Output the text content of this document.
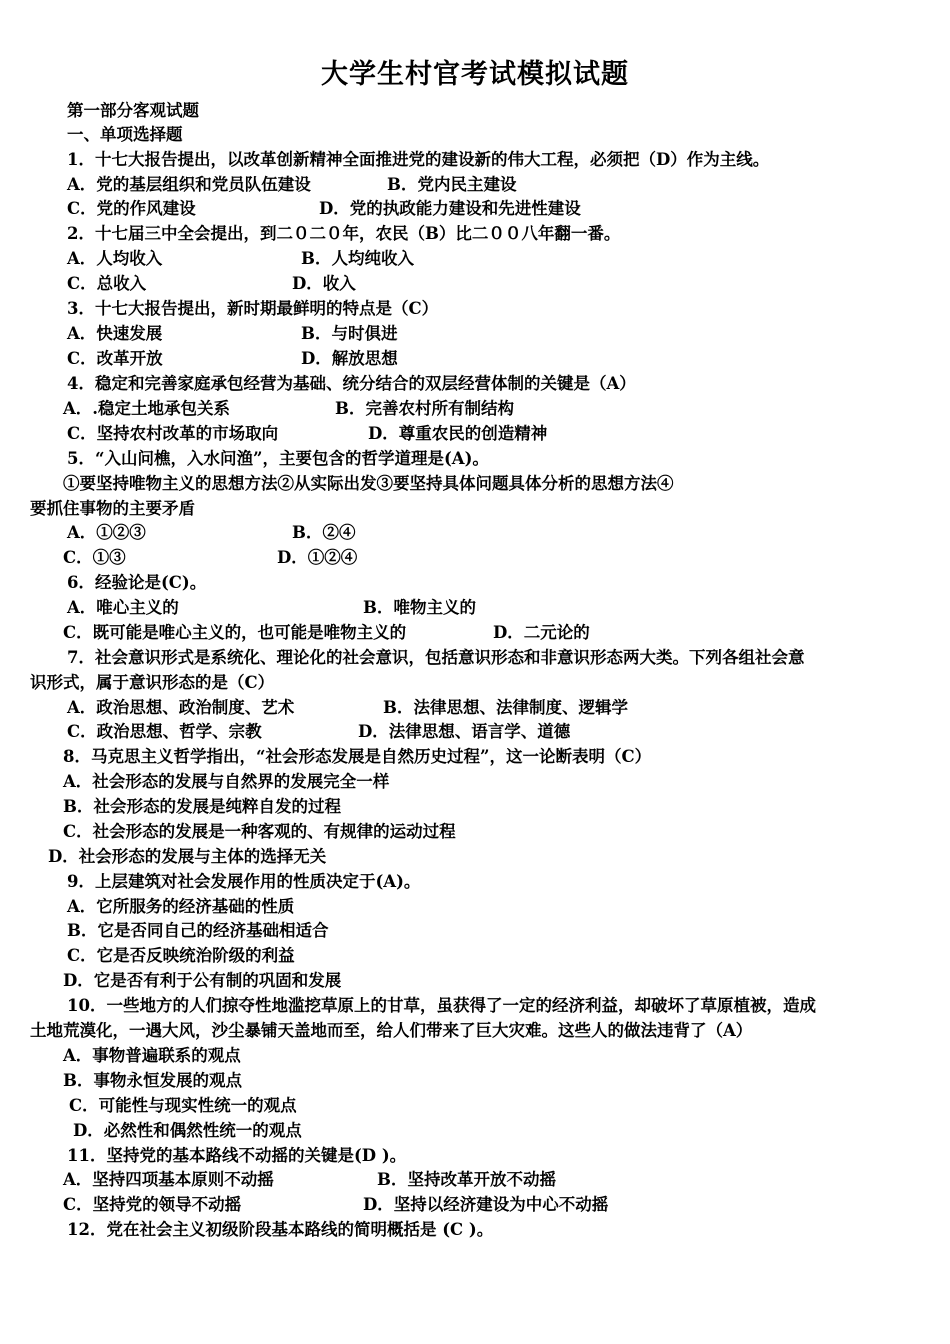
大学生村官考试模拟试题
第一部分客观试题
一、单项选择题
1．十七大报告提出，以改革创新精神全面推进党的建设新的伟大工程，必须把（D）作为主线。
A．党的基层组织和党员队伍建设	B．党内民主建设
C．党的作风建设	D．党的执政能力建设和先进性建设
2．十七届三中全会提出，到二０二０年，农民（B）比二００八年翻一番。
A．人均收入	B．人均纯收入
C．总收入	D．收入
3．十七大报告提出，新时期最鲜明的特点是（C）
A．快速发展	B．与时俱进
C．改革开放	D．解放思想
4．稳定和完善家庭承包经营为基础、统分结合的双层经营体制的关键是（A）
A．.稳定土地承包关系	B．完善农村所有制结构
C．坚持农村改革的市场取向	D．尊重农民的创造精神
5．“入山问樵，入水问渔”，主要包含的哲学道理是(A)。
①要坚持唯物主义的思想方法②从实际出发③要坚持具体问题具体分析的思想方法④
要抓住事物的主要矛盾
A．①②③	B．②④
C．①③	D．①②④
6．经验论是(C)。
A．唯心主义的	B．唯物主义的
C．既可能是唯心主义的，也可能是唯物主义的	D．二元论的
7．社会意识形式是系统化、理论化的社会意识，包括意识形态和非意识形态两大类。下列各组社会意
识形式，属于意识形态的是（C）
A．政治思想、政治制度、艺术	B．法律思想、法律制度、逻辑学
C．政治思想、哲学、宗教	D．法律思想、语言学、道德
8．马克思主义哲学指出，“社会形态发展是自然历史过程”，这一论断表明（C）
A．社会形态的发展与自然界的发展完全一样
B．社会形态的发展是纯粹自发的过程
C．社会形态的发展是一种客观的、有规律的运动过程
D．社会形态的发展与主体的选择无关
9．上层建筑对社会发展作用的性质决定于(A)。
A．它所服务的经济基础的性质
B．它是否同自己的经济基础相适合
C．它是否反映统治阶级的利益
D．它是否有利于公有制的巩固和发展
10．一些地方的人们掠夺性地滥挖草原上的甘草，虽获得了一定的经济利益，却破坏了草原植被，造成
土地荒漠化，一遇大风，沙尘暴铺天盖地而至，给人们带来了巨大灾难。这些人的做法违背了（A）
A．事物普遍联系的观点
B．事物永恒发展的观点
C．可能性与现实性统一的观点
D．必然性和偶然性统一的观点
11．坚持党的基本路线不动摇的关键是(D )。
A．坚持四项基本原则不动摇	B．坚持改革开放不动摇
C．坚持党的领导不动摇	D．坚持以经济建设为中心不动摇
12．党在社会主义初级阶段基本路线的简明概括是 (C )。
